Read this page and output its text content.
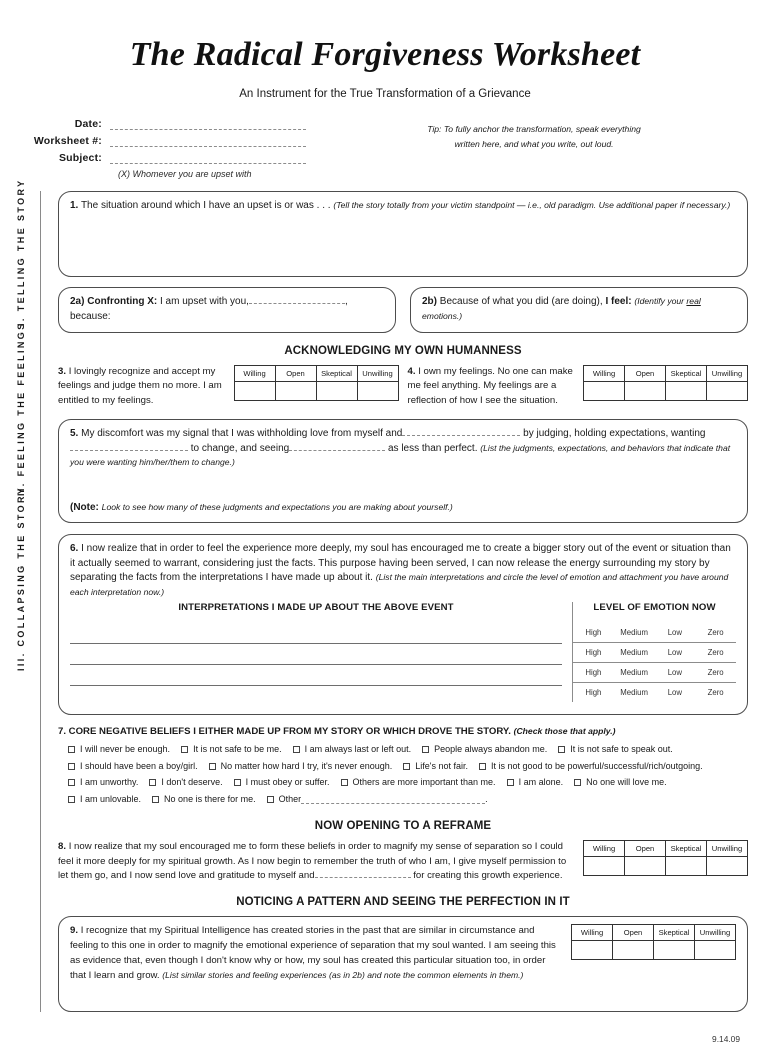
The Radical Forgiveness Worksheet
An Instrument for the True Transformation of a Grievance
Date:
Worksheet #:
Subject:
(X) Whomever you are upset with
Tip: To fully anchor the transformation, speak everything
written here, and what you write, out loud.
I. TELLING THE STORY
II. FEELING THE FEELINGS
III. COLLAPSING THE STORY
1. The situation around which I have an upset is or was . . . (Tell the story totally from your victim standpoint — i.e., old paradigm. Use additional paper if necessary.)
2a) Confronting X: I am upset with you,	, because:
2b) Because of what you did (are doing), I feel: (Identify your real emotions.)
ACKNOWLEDGING MY OWN HUMANNESS
3. I lovingly recognize and accept my feelings and judge them no more. I am entitled to my feelings.
Willing	Open	Skeptical	Unwilling
			4. I own my feelings. No one can make me feel anything. My feelings are a reflection of how I see the situation.
Willing	Open	Skeptical	Unwilling

5. My discomfort was my signal that I was withholding love from myself and	by judging, holding expectations, wanting to change, and seeing	as less than perfect. (List the judgments, expectations, and behaviors that indicate that you were wanting him/her/them to change.)
(Note: Look to see how many of these judgments and expectations you are making about yourself.)
6. I now realize that in order to feel the experience more deeply, my soul has encouraged me to create a bigger story out of the event or situation than it actually seemed to warrant, considering just the facts. This purpose having been served, I can now release the energy surrounding my story by separating the facts from the interpretations I have made up about it. (List the main interpretations and circle the level of emotion and attachment you have around each interpretation now.)
INTERPRETATIONS I MADE UP ABOUT THE ABOVE EVENT	LEVEL OF EMOTION NOW
High	Medium	Low	Zero
High	Medium	Low	Zero
High	Medium	Low	Zero
High	Medium	Low	Zero
7. CORE NEGATIVE BELIEFS I EITHER MADE UP FROM MY STORY OR WHICH DROVE THE STORY. (Check those that apply.)
I will never be enough.	It is not safe to be me.	I am always last or left out.	People always abandon me.	It is not safe to speak out.
I should have been a boy/girl.	No matter how hard I try, it's never enough.	Life's not fair.	It is not good to be powerful/successful/rich/outgoing.
I am unworthy.	I don't deserve.	I must obey or suffer.	Others are more important than me.	I am alone.	No one will love me.
I am unlovable.	No one is there for me.	Other	.
NOW OPENING TO A REFRAME
8. I now realize that my soul encouraged me to form these beliefs in order to magnify my sense of separation so I could feel it more deeply for my spiritual growth. As I now begin to remember the truth of who I am, I give myself permission to let them go, and I now send love and gratitude to myself and	for creating this growth experience.
Willing	Open	Skeptical	Unwilling

NOTICING A PATTERN AND SEEING THE PERFECTION IN IT
9. I recognize that my Spiritual Intelligence has created stories in the past that are similar in circumstance and feeling to this one in order to magnify the emotional experience of separation that my soul wanted. I am seeing this as evidence that, even though I don't know why or how, my soul has created this particular situation too, in order that I learn and grow. (List similar stories and feeling experiences (as in 2b) and note the common elements in them.)
Willing	Open	Skeptical	Unwilling

9.14.09
